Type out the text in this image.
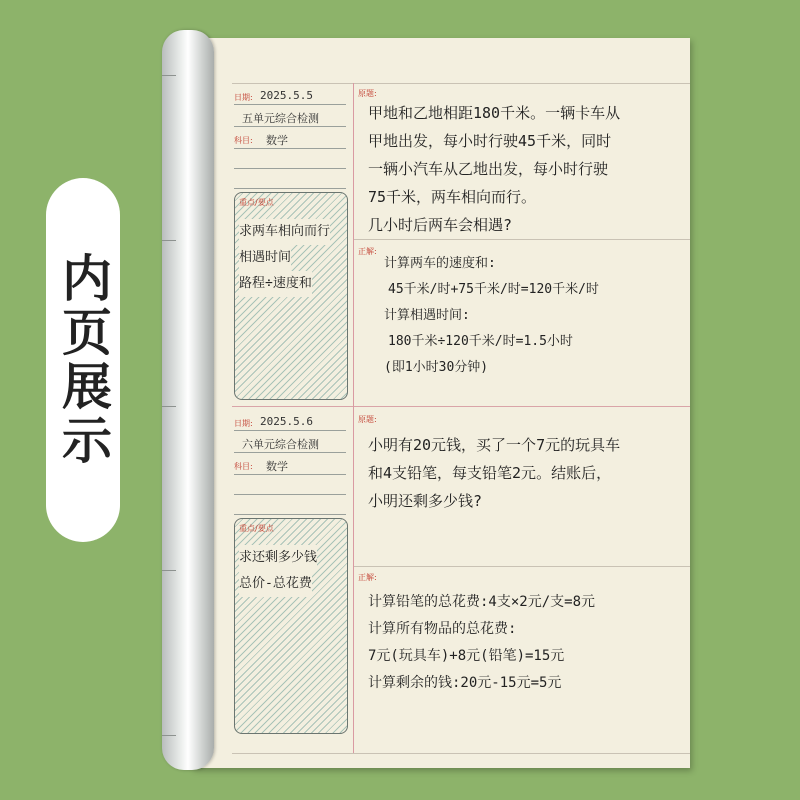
内页展示
日期: 2025.5.5
五单元综合检测
科目: 数学
重点/要点
求两车相向而行
相遇时间
路程÷速度和
原题:
甲地和乙地相距180千米。一辆卡车从
甲地出发，每小时行驶45千米，同时
一辆小汽车从乙地出发，每小时行驶
75千米，两车相向而行。
几小时后两车会相遇?
正解:
计算两车的速度和:
45千米/时+75千米/时=120千米/时
计算相遇时间:
180千米÷120千米/时=1.5小时
(即1小时30分钟)
日期: 2025.5.6
六单元综合检测
科目: 数学
重点/要点
求还剩多少钱
总价-总花费
原题:
小明有20元钱，买了一个7元的玩具车
和4支铅笔，每支铅笔2元。结账后，
小明还剩多少钱?
正解:
计算铅笔的总花费:4支×2元/支=8元
计算所有物品的总花费:
7元(玩具车)+8元(铅笔)=15元
计算剩余的钱:20元-15元=5元
